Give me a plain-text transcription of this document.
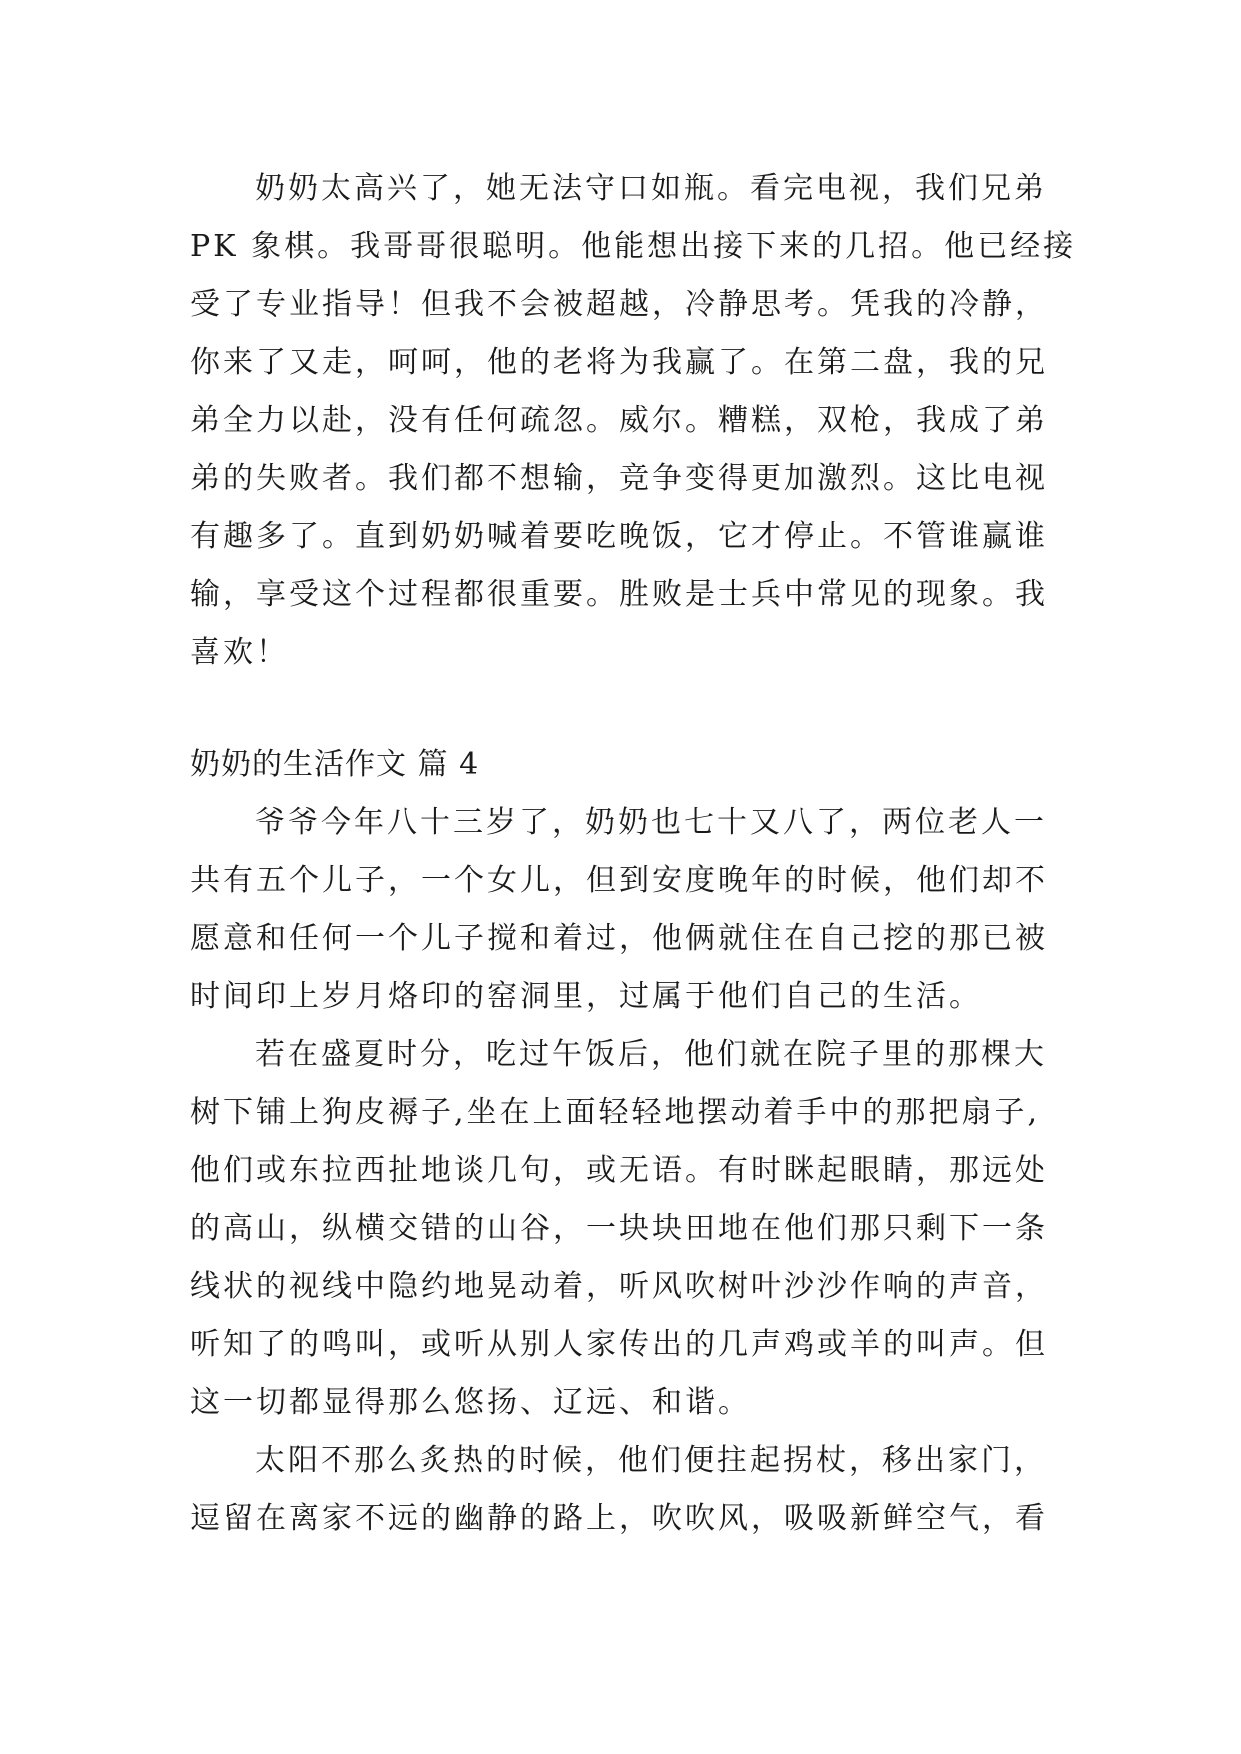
奶奶太高兴了，她无法守口如瓶。看完电视，我们兄弟
PK 象棋。我哥哥很聪明。他能想出接下来的几招。他已经接
受了专业指导！但我不会被超越，冷静思考。凭我的冷静，
你来了又走，呵呵，他的老将为我赢了。在第二盘，我的兄
弟全力以赴，没有任何疏忽。威尔。糟糕，双枪，我成了弟
弟的失败者。我们都不想输，竞争变得更加激烈。这比电视
有趣多了。直到奶奶喊着要吃晚饭，它才停止。不管谁赢谁
输，享受这个过程都很重要。胜败是士兵中常见的现象。我
喜欢！
奶奶的生活作文 篇 4
爷爷今年八十三岁了，奶奶也七十又八了，两位老人一
共有五个儿子，一个女儿，但到安度晚年的时候，他们却不
愿意和任何一个儿子搅和着过，他俩就住在自己挖的那已被
时间印上岁月烙印的窑洞里，过属于他们自己的生活。
若在盛夏时分，吃过午饭后，他们就在院子里的那棵大
树下铺上狗皮褥子,坐在上面轻轻地摆动着手中的那把扇子,
他们或东拉西扯地谈几句，或无语。有时眯起眼睛，那远处
的高山，纵横交错的山谷，一块块田地在他们那只剩下一条
线状的视线中隐约地晃动着，听风吹树叶沙沙作响的声音，
听知了的鸣叫，或听从别人家传出的几声鸡或羊的叫声。但
这一切都显得那么悠扬、辽远、和谐。
太阳不那么炙热的时候，他们便拄起拐杖，移出家门，
逗留在离家不远的幽静的路上，吹吹风，吸吸新鲜空气，看
